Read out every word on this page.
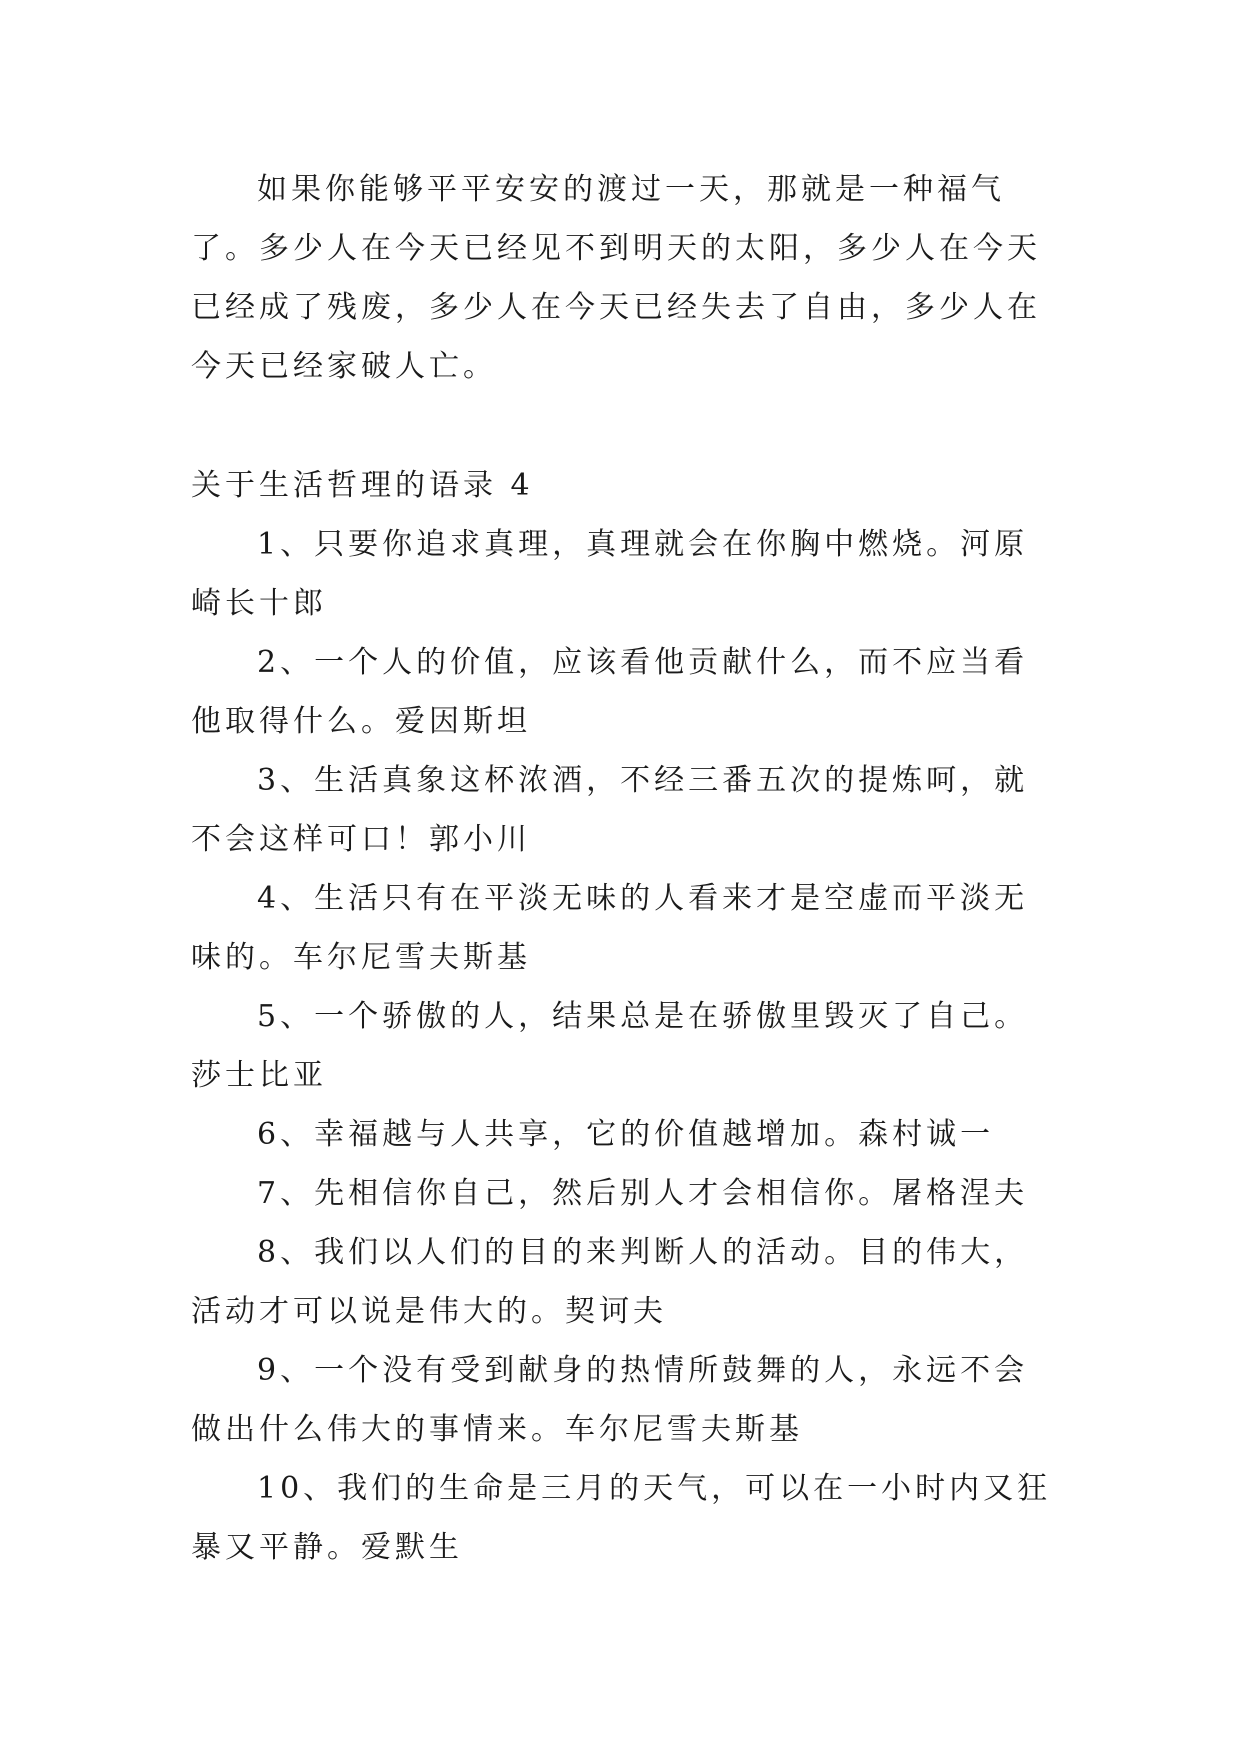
如果你能够平平安安的渡过一天，那就是一种福气了。多少人在今天已经见不到明天的太阳，多少人在今天已经成了残废，多少人在今天已经失去了自由，多少人在今天已经家破人亡。

关于生活哲理的语录 4

1、只要你追求真理，真理就会在你胸中燃烧。河原崎长十郎

2、一个人的价值，应该看他贡献什么，而不应当看他取得什么。爱因斯坦

3、生活真象这杯浓酒，不经三番五次的提炼呵，就不会这样可口！郭小川

4、生活只有在平淡无味的人看来才是空虚而平淡无味的。车尔尼雪夫斯基

5、一个骄傲的人，结果总是在骄傲里毁灭了自己。莎士比亚

6、幸福越与人共享，它的价值越增加。森村诚一

7、先相信你自己，然后别人才会相信你。屠格涅夫

8、我们以人们的目的来判断人的活动。目的伟大，活动才可以说是伟大的。契诃夫

9、一个没有受到献身的热情所鼓舞的人，永远不会做出什么伟大的事情来。车尔尼雪夫斯基

10、我们的生命是三月的天气，可以在一小时内又狂暴又平静。爱默生
